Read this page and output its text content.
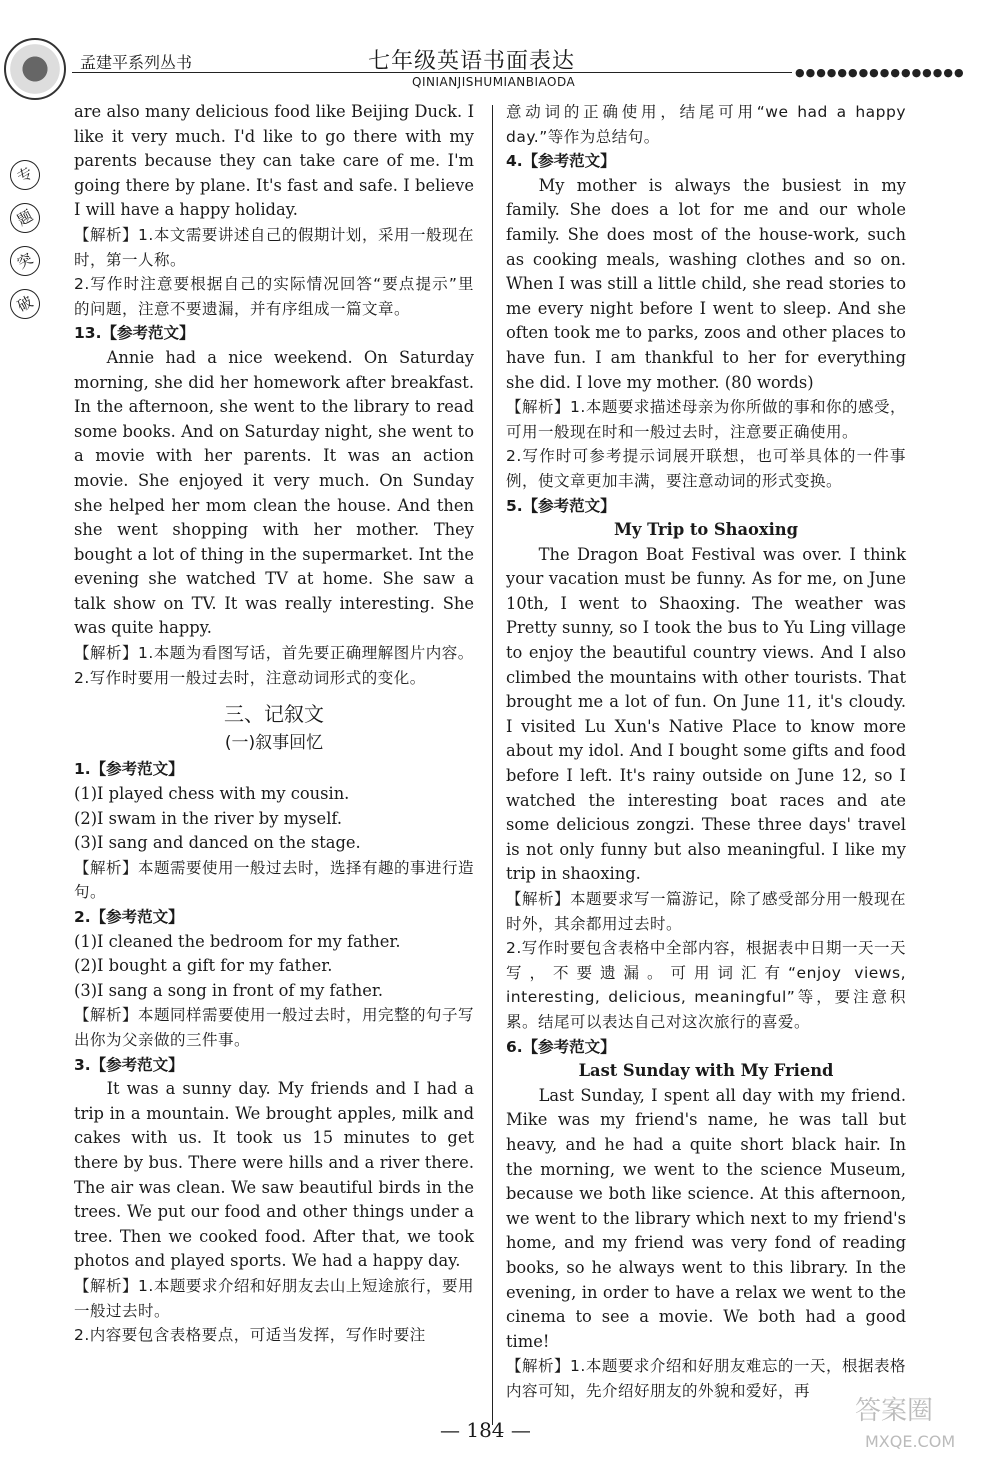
孟建平系列丛书	七年级英语书面表达	●●●●●●●●●●●●●●●●
QINIANJISHUMIANBIAODA
专
题
突
破

are also many delicious food like Beijing Duck. I like it very much. I'd like to go there with my parents because they can take care of me. I'm going there by plane. It's fast and safe. I believe I will have a happy holiday.

【解析】1.本文需要讲述自己的假期计划，采用一般现在时，第一人称。

2.写作时注意要根据自己的实际情况回答“要点提示”里的问题，注意不要遗漏，并有序组成一篇文章。

13.【参考范文】

Annie had a nice weekend. On Saturday morning, she did her homework after breakfast. In the afternoon, she went to the library to read some books. And on Saturday night, she went to a movie with her parents. It was an action movie. She enjoyed it very much. On Sunday she helped her mom clean the house. And then she went shopping with her mother. They bought a lot of thing in the supermarket. Int the evening she watched TV at home. She saw a talk show on TV. It was really interesting. She was quite happy.

【解析】1.本题为看图写话，首先要正确理解图片内容。

2.写作时要用一般过去时，注意动词形式的变化。

三、记叙文

(一)叙事回忆

1.【参考范文】

(1)I played chess with my cousin.

(2)I swam in the river by myself.

(3)I sang and danced on the stage.

【解析】本题需要使用一般过去时，选择有趣的事进行造句。

2.【参考范文】

(1)I cleaned the bedroom for my father.

(2)I bought a gift for my father.

(3)I sang a song in front of my father.

【解析】本题同样需要使用一般过去时，用完整的句子写出你为父亲做的三件事。

3.【参考范文】

It was a sunny day. My friends and I had a trip in a mountain. We brought apples, milk and cakes with us. It took us 15 minutes to get there by bus. There were hills and a river there. The air was clean. We saw beautiful birds in the trees. We put our food and other things under a tree. Then we cooked food. After that, we took photos and played sports. We had a happy day.

【解析】1.本题要求介绍和好朋友去山上短途旅行，要用一般过去时。

2.内容要包含表格要点，可适当发挥，写作时要注

意动词的正确使用，结尾可用“we had a happy day.”等作为总结句。

4.【参考范文】

My mother is always the busiest in my family. She does a lot for me and our whole family. She does most of the house-work, such as cooking meals, washing clothes and so on. When I was still a little child, she read stories to me every night before I went to sleep. And she often took me to parks, zoos and other places to have fun. I am thankful to her for everything she did. I love my mother. (80 words)

【解析】1.本题要求描述母亲为你所做的事和你的感受，可用一般现在时和一般过去时，注意要正确使用。

2.写作时可参考提示词展开联想，也可举具体的一件事例，使文章更加丰满，要注意动词的形式变换。

5.【参考范文】

My Trip to Shaoxing

The Dragon Boat Festival was over. I think your vacation must be funny. As for me, on June 10th, I went to Shaoxing. The weather was Pretty sunny, so I took the bus to Yu Ling village to enjoy the beautiful country views. And I also climbed the mountains with other tourists. That brought me a lot of fun. On June 11, it's cloudy. I visited Lu Xun's Native Place to know more about my idol. And I bought some gifts and food before I left. It's rainy outside on June 12, so I watched the interesting boat races and ate some delicious zongzi. These three days' travel is not only funny but also meaningful. I like my trip in shaoxing.

【解析】本题要求写一篇游记，除了感受部分用一般现在时外，其余都用过去时。

2.写作时要包含表格中全部内容，根据表中日期一天一天写，不要遗漏。可用词汇有“enjoy views, interesting, delicious, meaningful”等，要注意积累。结尾可以表达自己对这次旅行的喜爱。

6.【参考范文】

Last Sunday with My Friend

Last Sunday, I spent all day with my friend. Mike was my friend's name, he was tall but heavy, and he had a quite short black hair. In the morning, we went to the science Museum, because we both like science. At this afternoon, we went to the library which next to my friend's home, and my friend was very fond of reading books, so he always went to this library. In the evening, in order to have a relax we went to the cinema to see a movie. We both had a good time!

【解析】1.本题要求介绍和好朋友难忘的一天，根据表格内容可知，先介绍好朋友的外貌和爱好，再

— 184 —
答案圈
MXQE.COM
